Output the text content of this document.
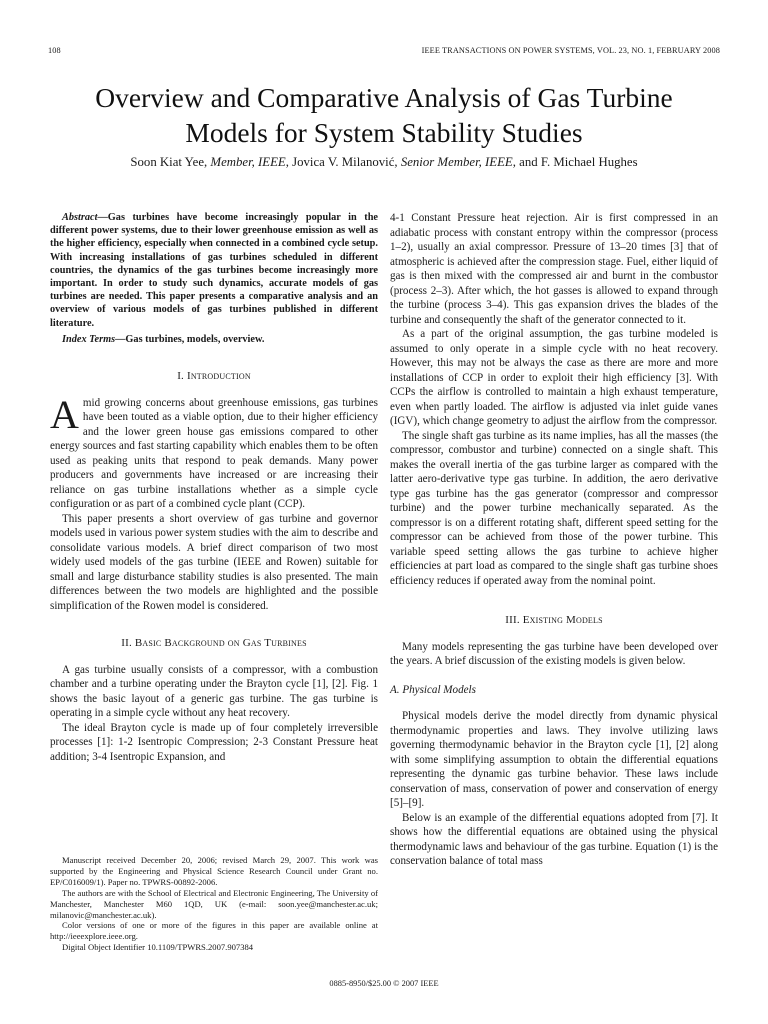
108	IEEE TRANSACTIONS ON POWER SYSTEMS, VOL. 23, NO. 1, FEBRUARY 2008
Overview and Comparative Analysis of Gas Turbine
Models for System Stability Studies
Soon Kiat Yee, Member, IEEE, Jovica V. Milanović, Senior Member, IEEE, and F. Michael Hughes

Abstract—Gas turbines have become increasingly popular in the different power systems, due to their lower greenhouse emission as well as the higher efficiency, especially when connected in a combined cycle setup. With increasing installations of gas turbines scheduled in different countries, the dynamics of the gas turbines become increasingly more important. In order to study such dynamics, accurate models of gas turbines are needed. This paper presents a comparative analysis and an overview of various models of gas turbines published in different literature.

Index Terms—Gas turbines, models, overview.

I. Introduction

Amid growing concerns about greenhouse emissions, gas turbines have been touted as a viable option, due to their higher efficiency and the lower green house gas emissions compared to other energy sources and fast starting capability which enables them to be often used as peaking units that respond to peak demands. Many power producers and governments have increased or are increasing their reliance on gas turbine installations whether as a simple cycle configuration or as part of a combined cycle plant (CCP).

This paper presents a short overview of gas turbine and governor models used in various power system studies with the aim to describe and consolidate various models. A brief direct comparison of two most widely used models of the gas turbine (IEEE and Rowen) suitable for small and large disturbance stability studies is also presented. The main differences between the two models are highlighted and the possible simplification of the Rowen model is considered.

II. Basic Background on Gas Turbines

A gas turbine usually consists of a compressor, with a combustion chamber and a turbine operating under the Brayton cycle [1], [2]. Fig. 1 shows the basic layout of a generic gas turbine. The gas turbine is operating in a simple cycle without any heat recovery.

The ideal Brayton cycle is made up of four completely irreversible processes [1]: 1-2 Isentropic Compression; 2-3 Constant Pressure heat addition; 3-4 Isentropic Expansion, and

4-1 Constant Pressure heat rejection. Air is first compressed in an adiabatic process with constant entropy within the compressor (process 1–2), usually an axial compressor. Pressure of 13–20 times [3] that of atmospheric is achieved after the compression stage. Fuel, either liquid of gas is then mixed with the compressed air and burnt in the combustor (process 2–3). After which, the hot gasses is allowed to expand through the turbine (process 3–4). This gas expansion drives the blades of the turbine and consequently the shaft of the generator connected to it.

As a part of the original assumption, the gas turbine modeled is assumed to only operate in a simple cycle with no heat recovery. However, this may not be always the case as there are more and more installations of CCP in order to exploit their high efficiency [3]. With CCPs the airflow is controlled to maintain a high exhaust temperature, even when partly loaded. The airflow is adjusted via inlet guide vanes (IGV), which change geometry to adjust the airflow from the compressor.

The single shaft gas turbine as its name implies, has all the masses (the compressor, combustor and turbine) connected on a single shaft. This makes the overall inertia of the gas turbine larger as compared with the latter aero-derivative type gas turbine. In addition, the aero derivative type gas turbine has the gas generator (compressor and compressor turbine) and the power turbine mechanically separated. As the compressor is on a different rotating shaft, different speed setting for the compressor can be achieved from those of the power turbine. This variable speed setting allows the gas turbine to achieve higher efficiencies at part load as compared to the single shaft gas turbine shoes efficiency reduces if operated away from the nominal point.

III. Existing Models

Many models representing the gas turbine have been developed over the years. A brief discussion of the existing models is given below.

A. Physical Models

Physical models derive the model directly from dynamic physical thermodynamic properties and laws. They involve utilizing laws governing thermodynamic behavior in the Brayton cycle [1], [2] along with some simplifying assumption to obtain the differential equations representing the dynamic gas turbine behavior. These laws include conservation of mass, conservation of power and conservation of energy [5]–[9].

Below is an example of the differential equations adopted from [7]. It shows how the differential equations are obtained using the physical thermodynamic laws and behaviour of the gas turbine. Equation (1) is the conservation balance of total mass

Manuscript received December 20, 2006; revised March 29, 2007. This work was supported by the Engineering and Physical Science Research Council under Grant no. EP/C016009/1). Paper no. TPWRS-00892-2006.

The authors are with the School of Electrical and Electronic Engineering, The University of Manchester, Manchester M60 1QD, UK (e-mail: soon.yee@manchester.ac.uk; milanovic@manchester.ac.uk).

Color versions of one or more of the figures in this paper are available online at http://ieeexplore.ieee.org.

Digital Object Identifier 10.1109/TPWRS.2007.907384

0885-8950/$25.00 © 2007 IEEE
